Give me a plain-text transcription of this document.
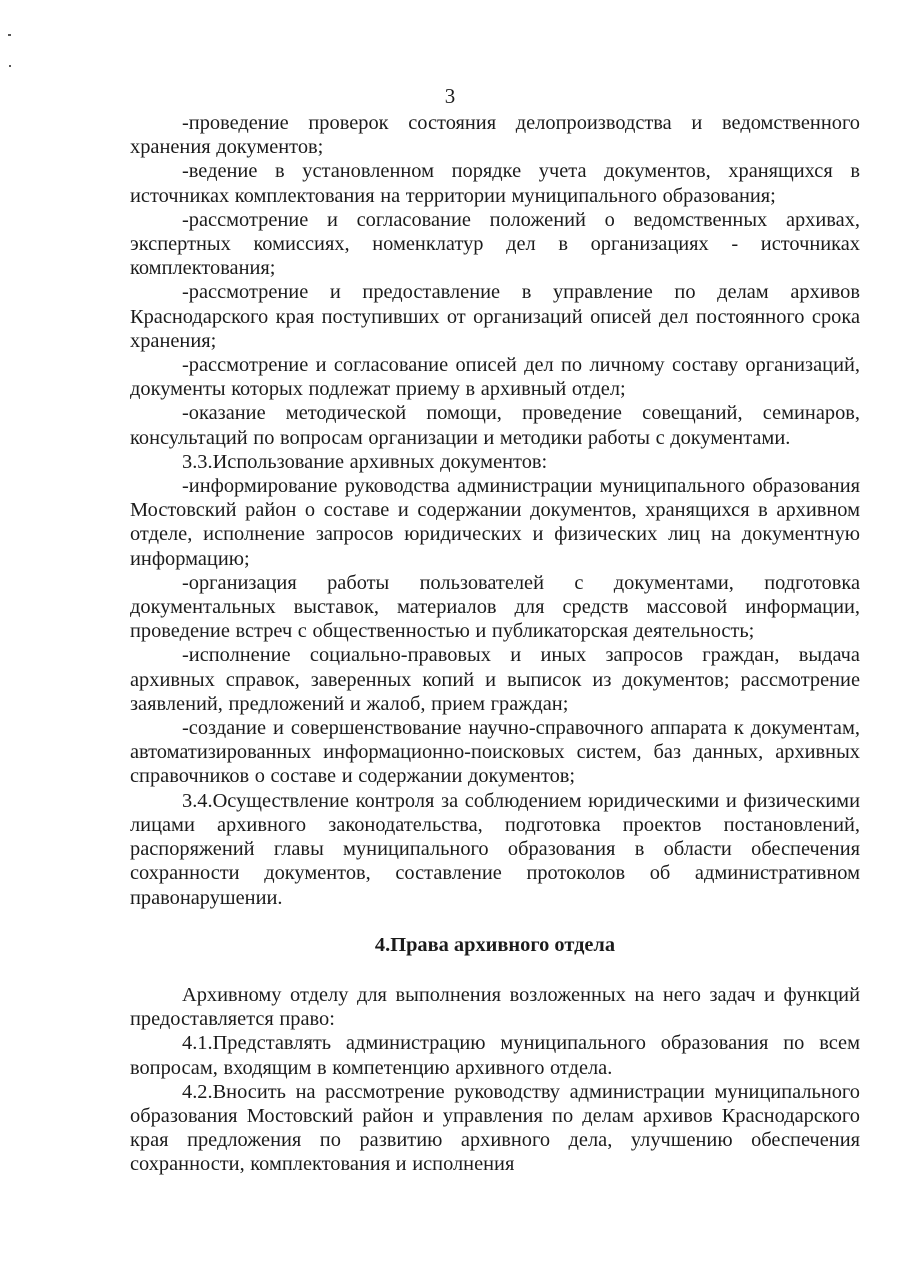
3

-проведение проверок состояния делопроизводства и ведомственного хранения документов;

-ведение в установленном порядке учета документов, хранящихся в источниках комплектования на территории муниципального образования;

-рассмотрение и согласование положений о ведомственных архивах, экспертных комиссиях, номенклатур дел в организациях - источниках комплектования;

-рассмотрение и предоставление в управление по делам архивов Краснодарского края поступивших от организаций описей дел постоянного срока хранения;

-рассмотрение и согласование описей дел по личному составу организаций, документы которых подлежат приему в архивный отдел;

-оказание методической помощи, проведение совещаний, семинаров, консультаций по вопросам организации и методики работы с документами.

3.3.Использование архивных документов:

-информирование руководства администрации муниципального образования Мостовский район о составе и содержании документов, хранящихся в архивном отделе, исполнение запросов юридических и физических лиц на документную информацию;

-организация работы пользователей с документами, подготовка документальных выставок, материалов для средств массовой информации, проведение встреч с общественностью и публикаторская деятельность;

-исполнение социально-правовых и иных запросов граждан, выдача архивных справок, заверенных копий и выписок из документов; рассмотрение заявлений, предложений и жалоб, прием граждан;

-создание и совершенствование научно-справочного аппарата к документам, автоматизированных информационно-поисковых систем, баз данных, архивных справочников о составе и содержании документов;

3.4.Осуществление контроля за соблюдением юридическими и физическими лицами архивного законодательства, подготовка проектов постановлений, распоряжений главы муниципального образования в области обеспечения сохранности документов, составление протоколов об административном правонарушении.

4.Права архивного отдела

Архивному отделу для выполнения возложенных на него задач и функций предоставляется право:

4.1.Представлять администрацию муниципального образования по всем вопросам, входящим в компетенцию архивного отдела.

4.2.Вносить на рассмотрение руководству администрации муниципального образования Мостовский район и управления по делам архивов Краснодарского края предложения по развитию архивного дела, улучшению обеспечения сохранности, комплектования и исполнения
